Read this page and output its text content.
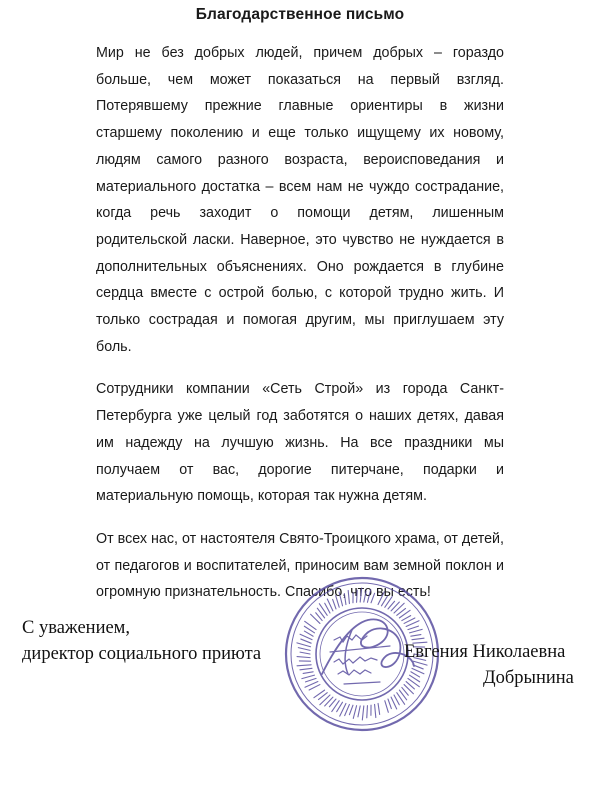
Благодарственное письмо

Мир не без добрых людей, причем добрых – гораздо больше, чем может показаться на первый взгляд. Потерявшему прежние главные ориентиры в жизни старшему поколению и еще только ищущему их новому, людям самого разного возраста, вероисповедания и материального достатка – всем нам не чуждо сострадание, когда речь заходит о помощи детям, лишенным родительской ласки. Наверное, это чувство не нуждается в дополнительных объяснениях. Оно рождается в глубине сердца вместе с острой болью, с которой трудно жить. И только сострадая и помогая другим, мы приглушаем эту боль.

Сотрудники компании «Сеть Строй» из города Санкт-Петербурга уже целый год заботятся о наших детях, давая им надежду на лучшую жизнь. На все праздники мы получаем от вас, дорогие питерчане, подарки и материальную помощь, которая так нужна детям.

От всех нас, от настоятеля Свято-Троицкого храма, от детей, от педагогов и воспитателей, приносим вам земной поклон и огромную признательность. Спасибо, что вы есть!

С уважением,
директор социального приюта	Евгения Николаевна
Добрынина
